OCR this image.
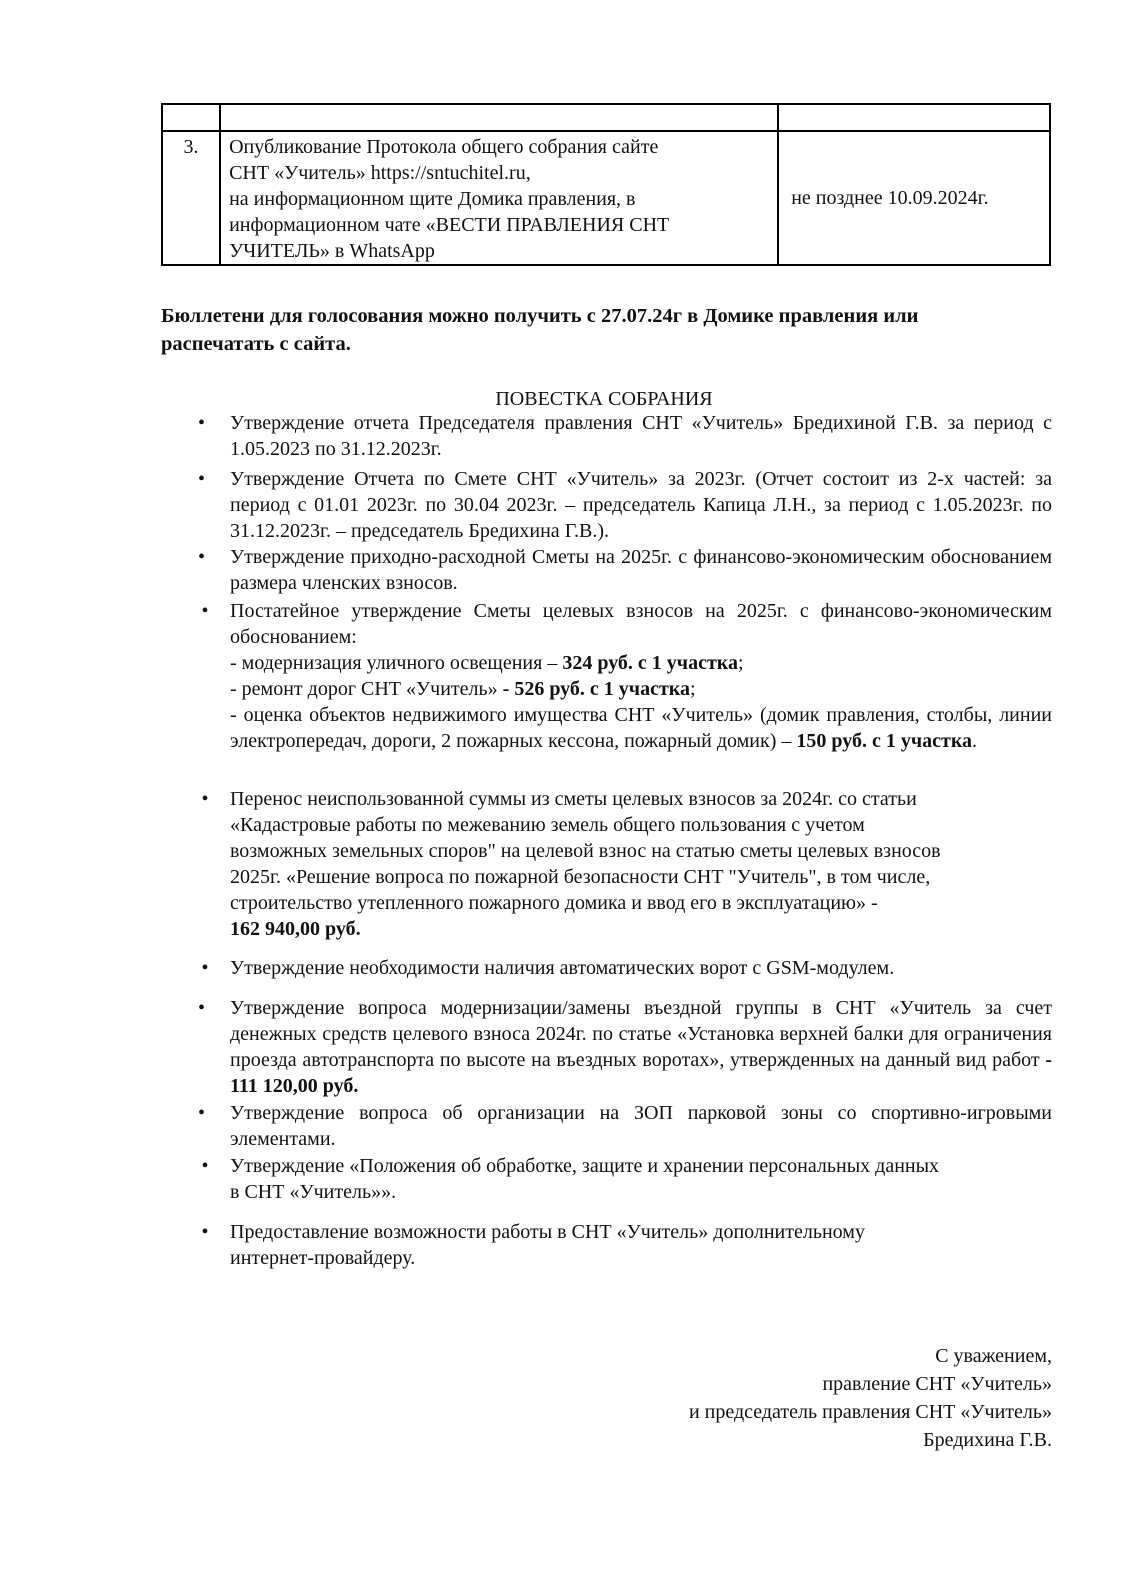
3.	Опубликование Протокола общего собрания сайте
СНТ «Учитель» https://sntuchitel.ru,
на информационном щите Домика правления, в
информационном чате «ВЕСТИ ПРАВЛЕНИЯ СНТ
УЧИТЕЛЬ» в WhatsApp	не позднее 10.09.2024г.

Бюллетени для голосования можно получить с 27.07.24г в Домике правления или
распечатать с сайта.

ПОВЕСТКА СОБРАНИЯ
•	Утверждение отчета Председателя правления СНТ «Учитель» Бредихиной Г.В. за период с 1.05.2023 по 31.12.2023г.
•	Утверждение Отчета по Смете СНТ «Учитель» за 2023г. (Отчет состоит из 2-х частей: за период с 01.01 2023г. по 30.04 2023г. – председатель Капица Л.Н., за период с 1.05.2023г. по 31.12.2023г. – председатель Бредихина Г.В.).
•	Утверждение приходно-расходной Сметы на 2025г. с финансово-экономическим обоснованием размера членских взносов.
• Постатейное утверждение Сметы целевых взносов на 2025г. с финансово-экономическим обоснованием:
- модернизация уличного освещения – 324 руб. с 1 участка;
- ремонт дорог СНТ «Учитель» - 526 руб. с 1 участка;
- оценка объектов недвижимого имущества СНТ «Учитель» (домик правления, столбы, линии электропередач, дороги, 2 пожарных кессона, пожарный домик) – 150 руб. с 1 участка.
• Перенос неиспользованной суммы из сметы целевых взносов за 2024г. со статьи
«Кадастровые работы по межеванию земель общего пользования с учетом
возможных земельных споров" на целевой взнос на статью сметы целевых взносов
2025г. «Решение вопроса по пожарной безопасности СНТ "Учитель", в том числе,
строительство утепленного пожарного домика и ввод его в эксплуатацию» -
162 940,00 руб.
• Утверждение необходимости наличия автоматических ворот с GSM-модулем.
•	Утверждение вопроса модернизации/замены въездной группы в СНТ «Учитель за счет денежных средств целевого взноса 2024г. по статье «Установка верхней балки для ограничения проезда автотранспорта по высоте на въездных воротах», утвержденных на данный вид работ - 111 120,00 руб.
•	Утверждение вопроса об организации на ЗОП парковой зоны со спортивно-игровыми элементами.
• Утверждение «Положения об обработке, защите и хранении персональных данных
в СНТ «Учитель»».
• Предоставление возможности работы в СНТ «Учитель» дополнительному
интернет-провайдеру.
С уважением,
правление СНТ «Учитель»
и председатель правления СНТ «Учитель»
Бредихина Г.В.
